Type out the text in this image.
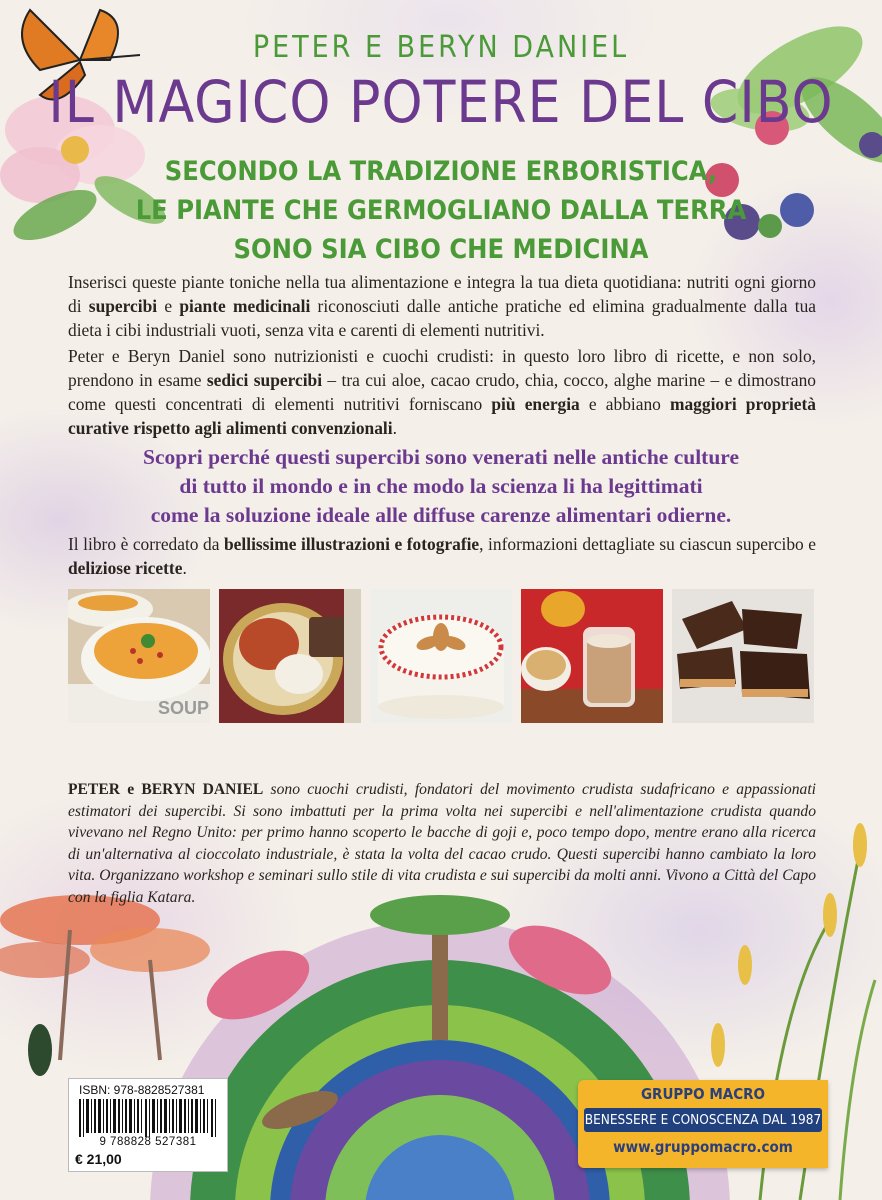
PETER E BERYN DANIEL
IL MAGICO POTERE DEL CIBO
SECONDO LA TRADIZIONE ERBORISTICA,
LE PIANTE CHE GERMOGLIANO DALLA TERRA
SONO SIA CIBO CHE MEDICINA

Inserisci queste piante toniche nella tua alimentazione e integra la tua dieta quotidiana: nutriti ogni giorno di supercibi e piante medicinali riconosciuti dalle antiche pratiche ed elimina gradualmente dalla tua dieta i cibi industriali vuoti, senza vita e carenti di elementi nutritivi.

Peter e Beryn Daniel sono nutrizionisti e cuochi crudisti: in questo loro libro di ricette, e non solo, prendono in esame sedici supercibi – tra cui aloe, cacao crudo, chia, cocco, alghe marine – e dimostrano come questi concentrati di elementi nutritivi forniscano più energia e abbiano maggiori proprietà curative rispetto agli alimenti convenzionali.

Scopri perché questi supercibi sono venerati nelle antiche culture
di tutto il mondo e in che modo la scienza li ha legittimati
come la soluzione ideale alle diffuse carenze alimentari odierne.

Il libro è corredato da bellissime illustrazioni e fotografie, informazioni dettagliate su ciascun supercibo e deliziose ricette.

SOUP

PETER e BERYN DANIEL sono cuochi crudisti, fondatori del movimento crudista sudafricano e appassionati estimatori dei supercibi. Si sono imbattuti per la prima volta nei supercibi e nell'alimentazione crudista quando vivevano nel Regno Unito: per primo hanno scoperto le bacche di goji e, poco tempo dopo, mentre erano alla ricerca di un'alternativa al cioccolato industriale, è stata la volta del cacao crudo. Questi supercibi hanno cambiato la loro vita. Organizzano workshop e seminari sullo stile di vita crudista e sui supercibi da molti anni. Vivono a Città del Capo con la figlia Katara.

ISBN: 978-8828527381
9 788828 527381
€ 21,00
GRUPPO MACRO
BENESSERE E CONOSCENZA DAL 1987
www.gruppomacro.com
